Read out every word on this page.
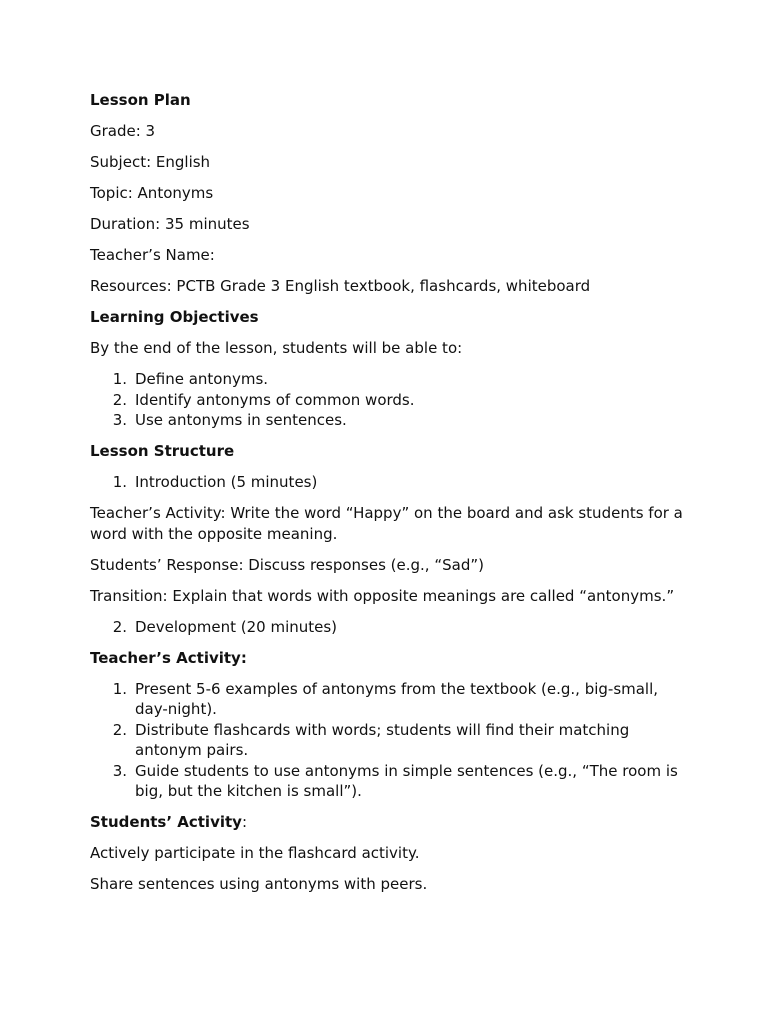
Lesson Plan

Grade: 3

Subject: English

Topic: Antonyms

Duration: 35 minutes

Teacher’s Name:

Resources: PCTB Grade 3 English textbook, flashcards, whiteboard

Learning Objectives

By the end of the lesson, students will be able to:

1. Define antonyms.
2. Identify antonyms of common words.
3. Use antonyms in sentences.

Lesson Structure

1. Introduction (5 minutes)

Teacher’s Activity: Write the word “Happy” on the board and ask students for a word with the opposite meaning.

Students’ Response: Discuss responses (e.g., “Sad”)

Transition: Explain that words with opposite meanings are called “antonyms.”

2. Development (20 minutes)

Teacher’s Activity:

1. Present 5-6 examples of antonyms from the textbook (e.g., big-small, day-night).
2. Distribute flashcards with words; students will find their matching antonym pairs.
3. Guide students to use antonyms in simple sentences (e.g., “The room is big, but the kitchen is small”).

Students’ Activity:

Actively participate in the flashcard activity.

Share sentences using antonyms with peers.
